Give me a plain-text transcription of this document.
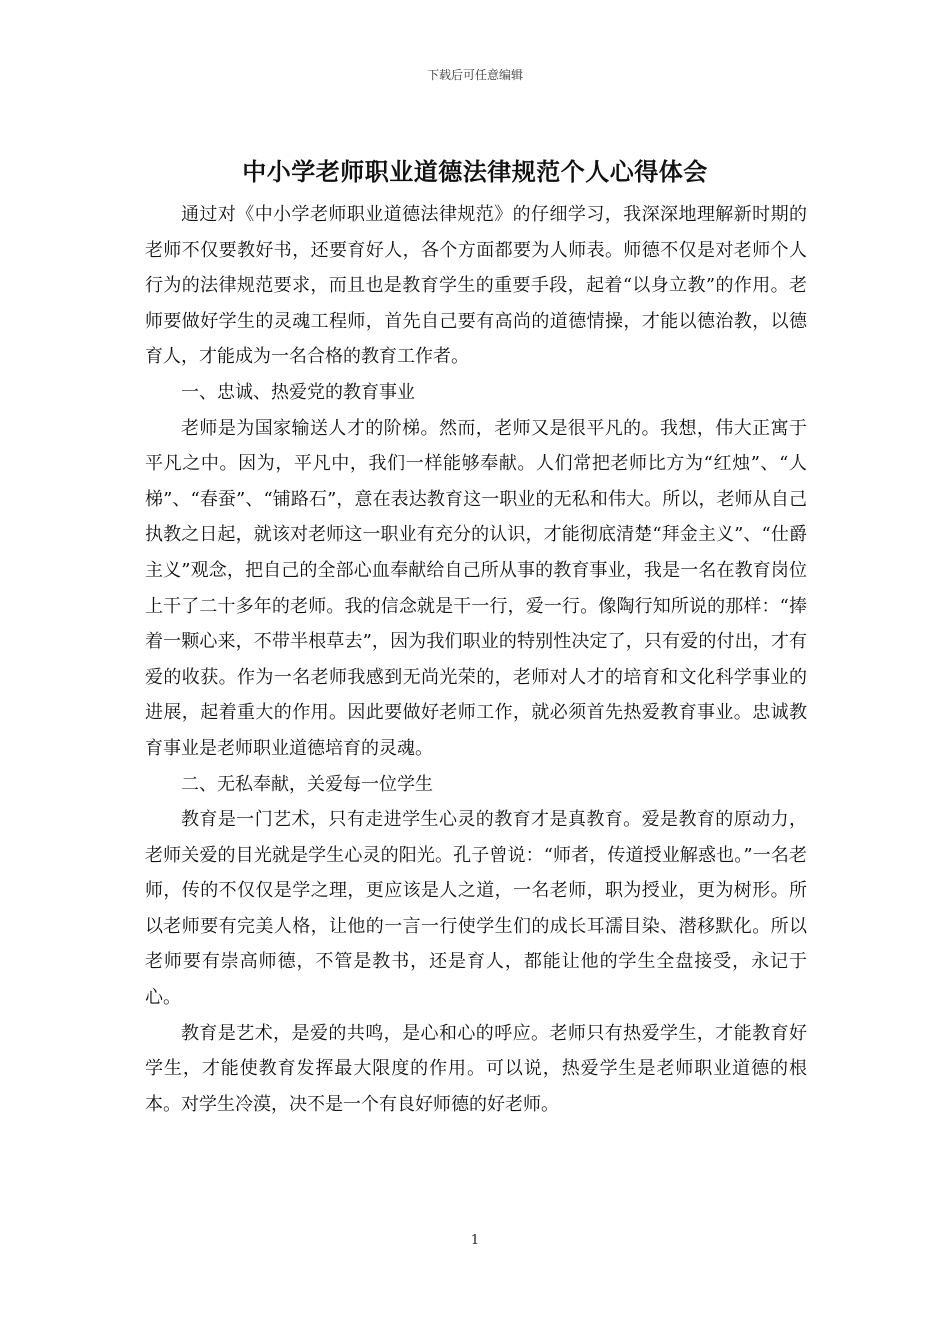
下载后可任意编辑
中小学老师职业道德法律规范个人心得体会

通过对《中小学老师职业道德法律规范》的仔细学习，我深深地理解新时期的老师不仅要教好书，还要育好人，各个方面都要为人师表。师德不仅是对老师个人行为的法律规范要求，而且也是教育学生的重要手段，起着“以身立教”的作用。老师要做好学生的灵魂工程师，首先自己要有高尚的道德情操，才能以德治教，以德育人，才能成为一名合格的教育工作者。

一、忠诚、热爱党的教育事业

老师是为国家输送人才的阶梯。然而，老师又是很平凡的。我想，伟大正寓于平凡之中。因为，平凡中，我们一样能够奉献。人们常把老师比方为“红烛”、“人梯”、“春蚕”、“铺路石”，意在表达教育这一职业的无私和伟大。所以，老师从自己执教之日起，就该对老师这一职业有充分的认识，才能彻底清楚“拜金主义”、“仕爵主义”观念，把自己的全部心血奉献给自己所从事的教育事业，我是一名在教育岗位上干了二十多年的老师。我的信念就是干一行，爱一行。像陶行知所说的那样：“捧着一颗心来，不带半根草去”，因为我们职业的特别性决定了，只有爱的付出，才有爱的收获。作为一名老师我感到无尚光荣的，老师对人才的培育和文化科学事业的进展，起着重大的作用。因此要做好老师工作，就必须首先热爱教育事业。忠诚教育事业是老师职业道德培育的灵魂。

二、无私奉献，关爱每一位学生

教育是一门艺术，只有走进学生心灵的教育才是真教育。爱是教育的原动力，老师关爱的目光就是学生心灵的阳光。孔子曾说：“师者，传道授业解惑也。”一名老师，传的不仅仅是学之理，更应该是人之道，一名老师，职为授业，更为树形。所以老师要有完美人格，让他的一言一行使学生们的成长耳濡目染、潜移默化。所以老师要有崇高师德，不管是教书，还是育人，都能让他的学生全盘接受，永记于心。

教育是艺术，是爱的共鸣，是心和心的呼应。老师只有热爱学生，才能教育好学生，才能使教育发挥最大限度的作用。可以说，热爱学生是老师职业道德的根本。对学生冷漠，决不是一个有良好师德的好老师。

1
